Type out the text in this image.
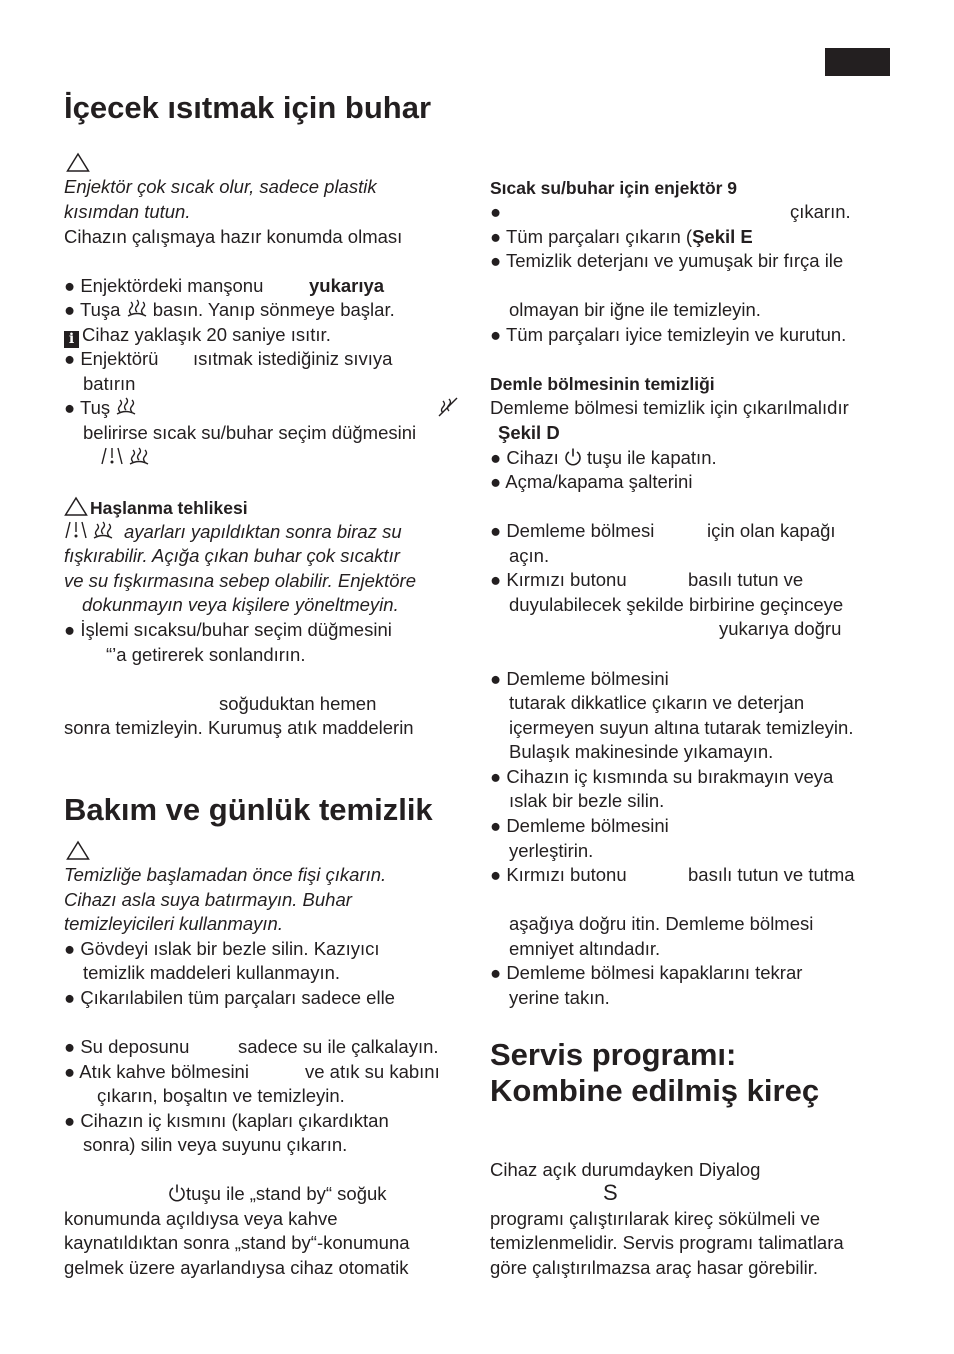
İçecek ısıtmak için buhar
Enjektör çok sıcak olur, sadece plastik
kısımdan tutun.
Cihazın çalışmaya hazır konumda olması
● Enjektördeki manşonu yukarıya
● Tuşa basın. Yanıp sönmeye başlar.
i Cihaz yaklaşık 20 saniye ısıtır.
● Enjektörü ısıtmak istediğiniz sıvıya
batırın
● Tuş
belirirse sıcak su/buhar seçim düğmesini

Haşlanma tehlikesi

ayarları yapıldıktan sonra biraz su
fışkırabilir. Açığa çıkan buhar çok sıcaktır
ve su fışkırmasına sebep olabilir. Enjektöre
dokunmayın veya kişilere yöneltmeyin.
● İşlemi sıcaksu/buhar seçim düğmesini
“’a getirerek sonlandırın.
soğuduktan hemen
sonra temizleyin. Kurumuş atık maddelerin
Bakım ve günlük temizlik
Temizliğe başlamadan önce fişi çıkarın.
Cihazı asla suya batırmayın. Buhar
temizleyicileri kullanmayın.
● Gövdeyi ıslak bir bezle silin. Kazıyıcı
temizlik maddeleri kullanmayın.
● Çıkarılabilen tüm parçaları sadece elle
● Su deposunu	sadece su ile çalkalayın.
● Atık kahve bölmesini	ve atık su kabını
çıkarın, boşaltın ve temizleyin.
● Cihazın iç kısmını (kapları çıkardıktan
sonra) silin veya suyunu çıkarın.
tuşu ile „stand by“ soğuk
konumunda açıldıysa veya kahve
kaynatıldıktan sonra „stand by“-konumuna
gelmek üzere ayarlandıysa cihaz otomatik
Sıcak su/buhar için enjektör 9
●	çıkarın.
● Tüm parçaları çıkarın (Şekil E
● Temizlik deterjanı ve yumuşak bir fırça ile
olmayan bir iğne ile temizleyin.
● Tüm parçaları iyice temizleyin ve kurutun.
Demle bölmesinin temizliği
Demleme bölmesi temizlik için çıkarılmalıdır
Şekil D
● Cihazı tuşu ile kapatın.
● Açma/kapama şalterini
● Demleme bölmesi	için olan kapağı
açın.
● Kırmızı butonu	basılı tutun ve
duyulabilecek şekilde birbirine geçinceye
yukarıya doğru
● Demleme bölmesini
tutarak dikkatlice çıkarın ve deterjan
içermeyen suyun altına tutarak temizleyin.
Bulaşık makinesinde yıkamayın.
● Cihazın iç kısmında su bırakmayın veya
ıslak bir bezle silin.
● Demleme bölmesini
yerleştirin.
● Kırmızı butonu	basılı tutun ve tutma
aşağıya doğru itin. Demleme bölmesi
emniyet altındadır.
● Demleme bölmesi kapaklarını tekrar
yerine takın.
Servis programı:
Kombine edilmiş kireç
Cihaz açık durumdayken Diyalog
S
programı çalıştırılarak kireç sökülmeli ve
temizlenmelidir. Servis programı talimatlara
göre çalıştırılmazsa araç hasar görebilir.
